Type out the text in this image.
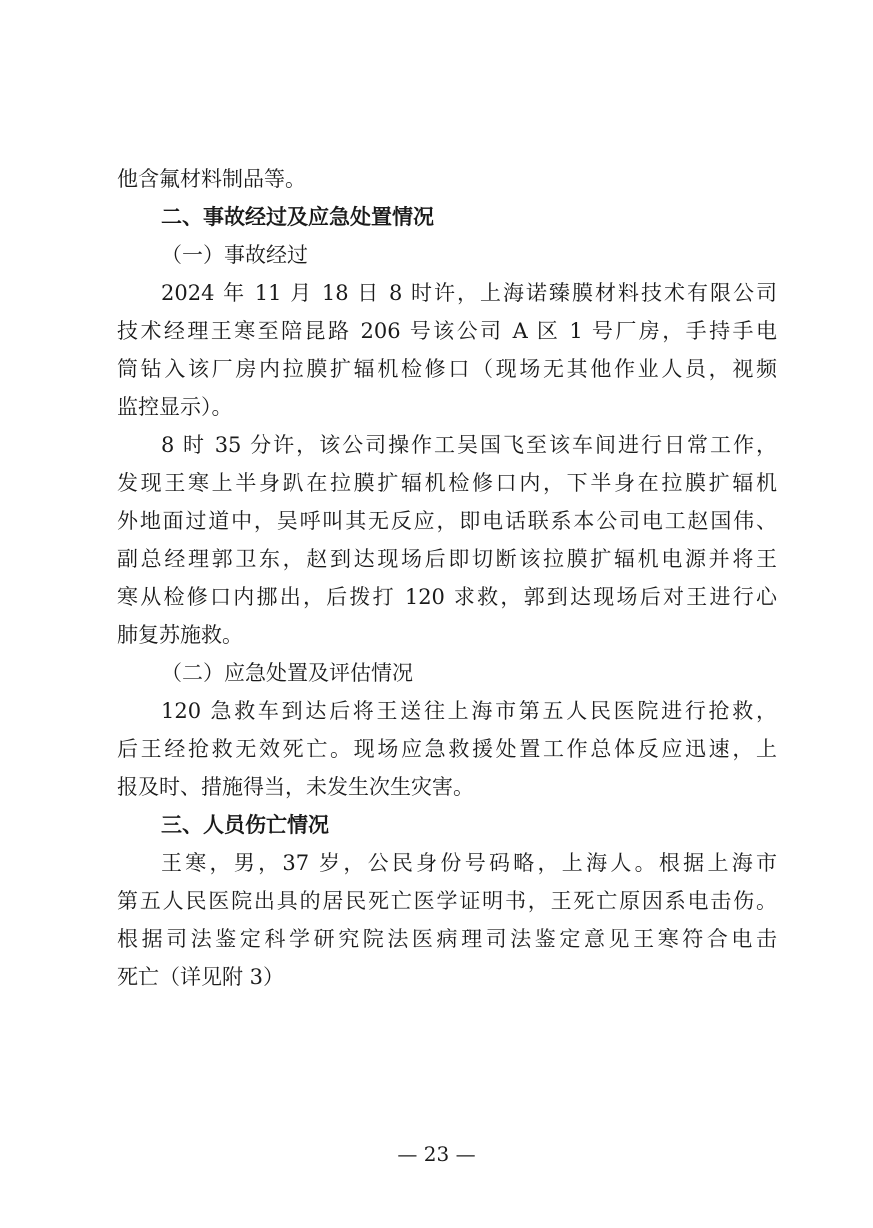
他含氟材料制品等。
二、事故经过及应急处置情况
（一）事故经过
2024 年 11 月 18 日 8 时许，上海诺臻膜材料技术有限公司
技术经理王寒至陪昆路 206 号该公司 A 区 1 号厂房，手持手电
筒钻入该厂房内拉膜扩辐机检修口（现场无其他作业人员，视频
监控显示）。
8 时 35 分许，该公司操作工吴国飞至该车间进行日常工作，
发现王寒上半身趴在拉膜扩辐机检修口内，下半身在拉膜扩辐机
外地面过道中，吴呼叫其无反应，即电话联系本公司电工赵国伟、
副总经理郭卫东，赵到达现场后即切断该拉膜扩辐机电源并将王
寒从检修口内挪出，后拨打 120 求救，郭到达现场后对王进行心
肺复苏施救。
（二）应急处置及评估情况
120 急救车到达后将王送往上海市第五人民医院进行抢救，
后王经抢救无效死亡。现场应急救援处置工作总体反应迅速，上
报及时、措施得当，未发生次生灾害。
三、人员伤亡情况
王寒，男，37 岁，公民身份号码略，上海人。根据上海市
第五人民医院出具的居民死亡医学证明书，王死亡原因系电击伤。
根据司法鉴定科学研究院法医病理司法鉴定意见王寒符合电击
死亡（详见附 3）
— 23 —
